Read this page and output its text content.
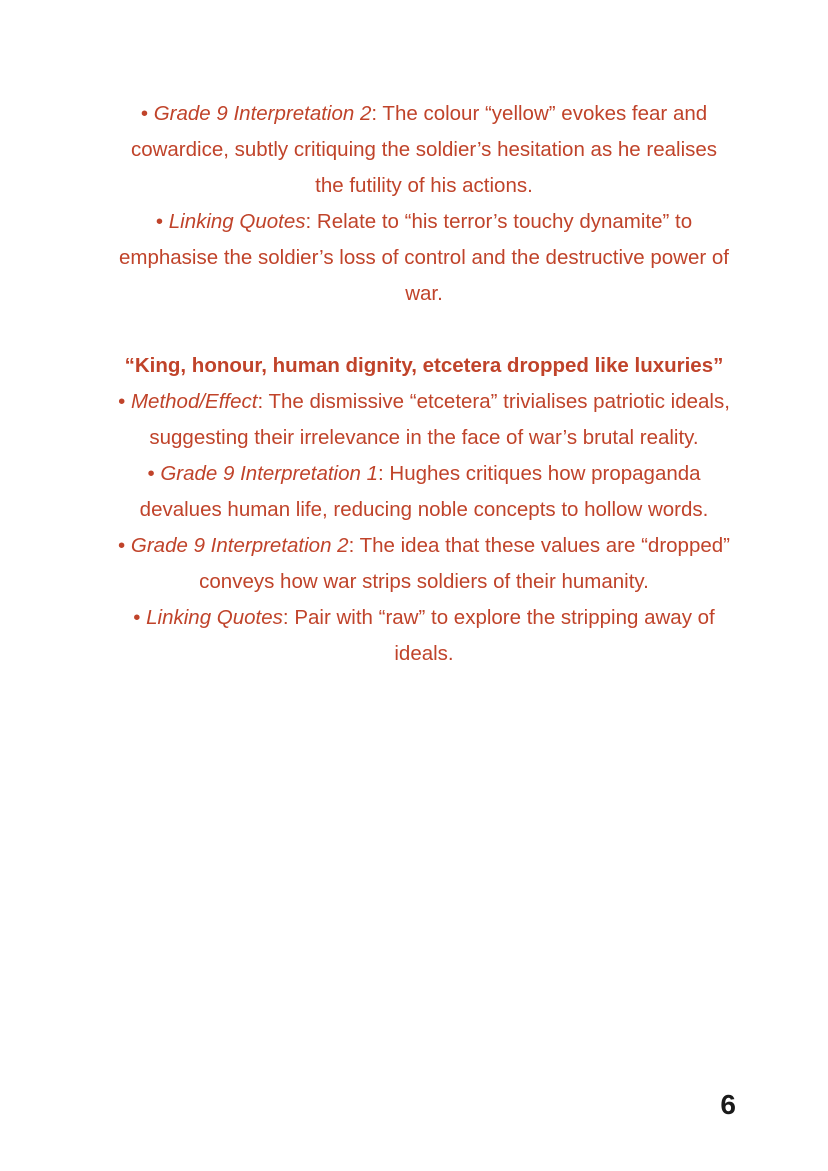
• Grade 9 Interpretation 2: The colour “yellow” evokes fear and cowardice, subtly critiquing the soldier’s hesitation as he realises the futility of his actions.

• Linking Quotes: Relate to “his terror’s touchy dynamite” to emphasise the soldier’s loss of control and the destructive power of war.

“King, honour, human dignity, etcetera dropped like luxuries”

• Method/Effect: The dismissive “etcetera” trivialises patriotic ideals, suggesting their irrelevance in the face of war’s brutal reality.

• Grade 9 Interpretation 1: Hughes critiques how propaganda devalues human life, reducing noble concepts to hollow words.

• Grade 9 Interpretation 2: The idea that these values are “dropped” conveys how war strips soldiers of their humanity.

• Linking Quotes: Pair with “raw” to explore the stripping away of ideals.

6
